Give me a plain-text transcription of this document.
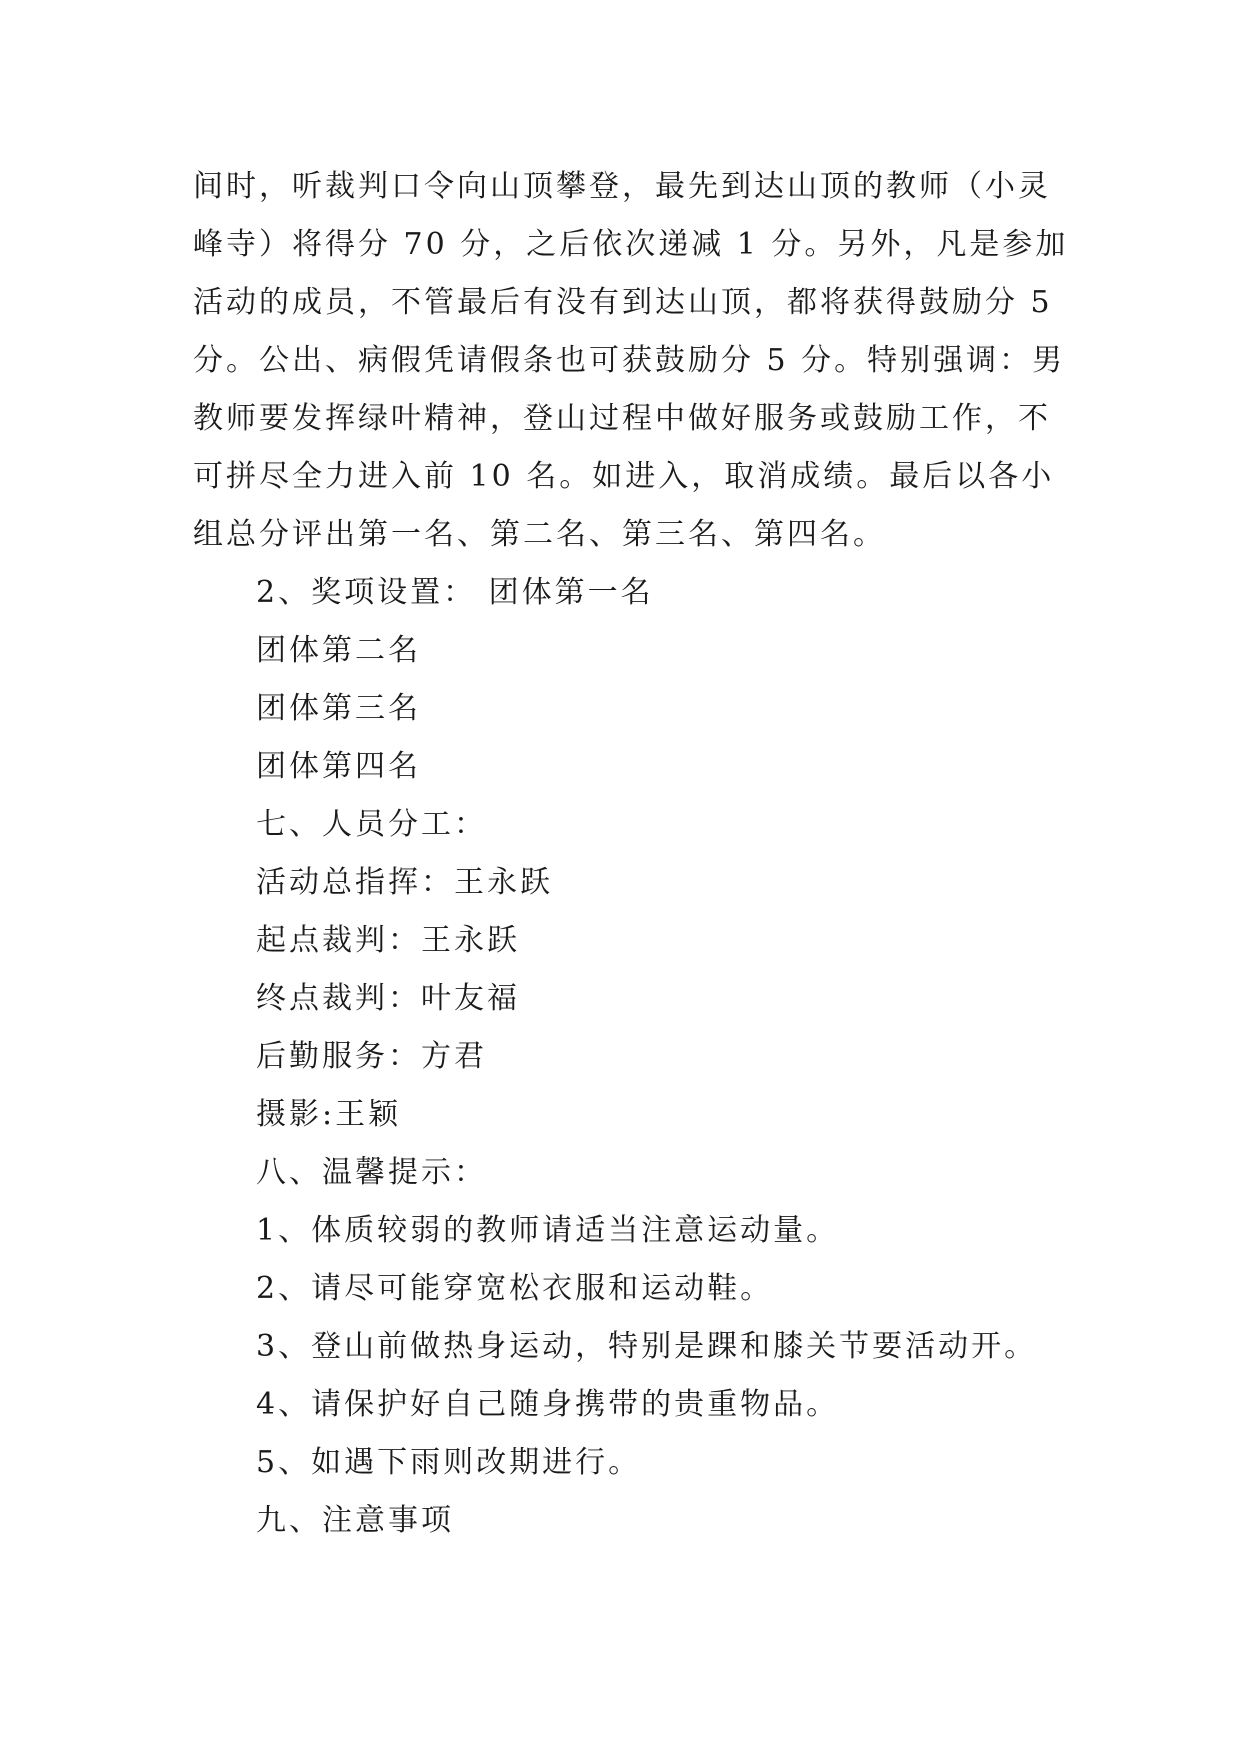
间时，听裁判口令向山顶攀登，最先到达山顶的教师（小灵

峰寺）将得分 70 分，之后依次递减 1 分。另外，凡是参加

活动的成员，不管最后有没有到达山顶，都将获得鼓励分 5

分。公出、病假凭请假条也可获鼓励分 5 分。特别强调：男

教师要发挥绿叶精神，登山过程中做好服务或鼓励工作，不

可拼尽全力进入前 10 名。如进入，取消成绩。最后以各小

组总分评出第一名、第二名、第三名、第四名。

2、奖项设置： 团体第一名

团体第二名

团体第三名

团体第四名

七、人员分工：

活动总指挥：王永跃

起点裁判：王永跃

终点裁判：叶友福

后勤服务：方君

摄影:王颖

八、温馨提示：

1、体质较弱的教师请适当注意运动量。

2、请尽可能穿宽松衣服和运动鞋。

3、登山前做热身运动，特别是踝和膝关节要活动开。

4、请保护好自己随身携带的贵重物品。

5、如遇下雨则改期进行。

九、注意事项
